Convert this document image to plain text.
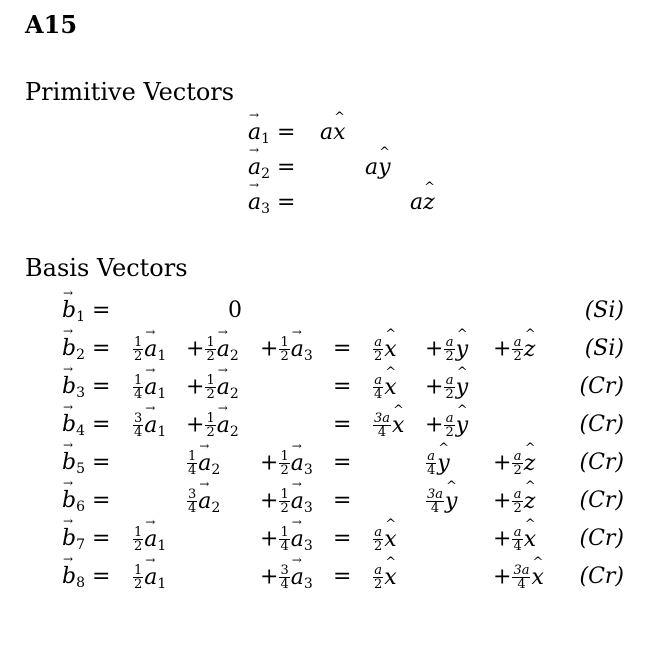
A15
Primitive Vectors
→ $a_1$ = a^ x
→ $a_2$ =	a^ y
→ $a_3$ =	a^ z
Basis Vectors
→ $b_1$ =	0	(Si)
→ $b_2 = \frac{1}{2}$
→ $a_1 + \frac{1}{2}$
→ $a_2 + \frac{1}{2}$
→ $a_3 = \frac{a}{2}$
^ $x + \frac{a}{2}$
^ $y + \frac{a}{2}$
^ z (Si)
→ $b_3 = \frac{1}{4}$
→ $a_1 + \frac{1}{2}$
→ $a_2$	= $\frac{a}{4}$
^ $x + \frac{a}{2}$
^ y	(Cr)
→ $b_4 = \frac{3}{4}$
→ $a_1 + \frac{1}{2}$
→ $a_2$	= $\frac{3a}{4}$
^ $x + \frac{a}{2}$
^ y	(Cr)
→ $b_5$ =	$\frac{1}{4}$
→ $a_2 + \frac{1}{2}$
→ $a_3$ =	$\frac{a}{4}$
^ $y + \frac{a}{2}$
^ z (Cr)
→ $b_6$ =	$\frac{3}{4}$
→ $a_2 + \frac{1}{2}$
→ $a_3$ =	$\frac{3a}{4}$
^ $y + \frac{a}{2}$
^ z (Cr)
→ $b_7 = \frac{1}{2}$
→ $a_1$	+ $\frac{1}{4}$
→ $a_3 = \frac{a}{2}$
^ x	+ $\frac{a}{4}$
^ x (Cr)
→ $b_8 = \frac{1}{2}$
→ $a_1$	+ $\frac{3}{4}$
→ $a_3 = \frac{a}{2}$
^ x	+ $\frac{3a}{4}$
^ x (Cr)
